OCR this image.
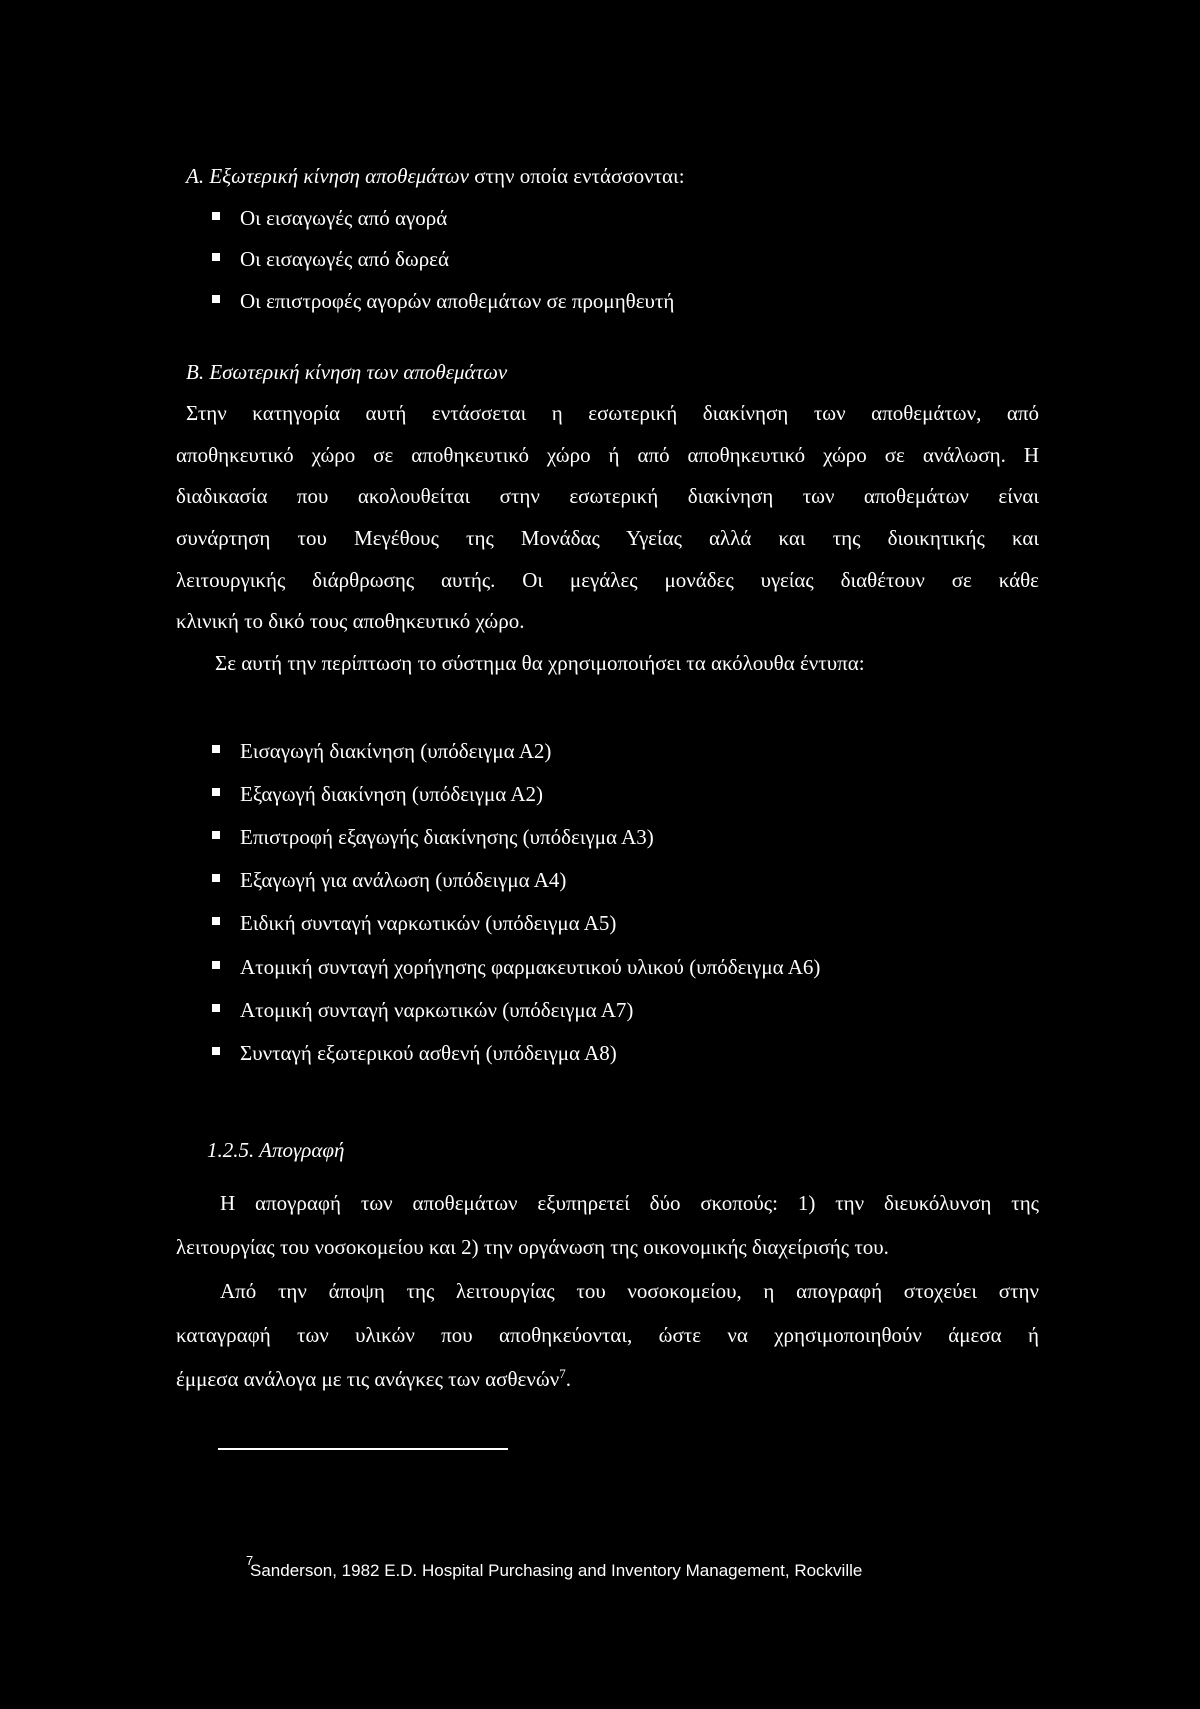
Α. Εξωτερική κίνηση αποθεμάτων στην οποία εντάσσονται:
Οι εισαγωγές από αγορά
Οι εισαγωγές από δωρεά
Οι επιστροφές αγορών αποθεμάτων σε προμηθευτή
Β. Εσωτερική κίνηση των αποθεμάτων
Στην κατηγορία αυτή εντάσσεται η εσωτερική διακίνηση των αποθεμάτων, από
αποθηκευτικό χώρο σε αποθηκευτικό χώρο ή από αποθηκευτικό χώρο σε ανάλωση. Η
διαδικασία που ακολουθείται στην εσωτερική διακίνηση των αποθεμάτων είναι
συνάρτηση του Μεγέθους της Μονάδας Υγείας αλλά και της διοικητικής και
λειτουργικής διάρθρωσης αυτής. Οι μεγάλες μονάδες υγείας διαθέτουν σε κάθε
κλινική το δικό τους αποθηκευτικό χώρο.
Σε αυτή την περίπτωση το σύστημα θα χρησιμοποιήσει τα ακόλουθα έντυπα:
Εισαγωγή διακίνηση (υπόδειγμα Α2)
Εξαγωγή διακίνηση (υπόδειγμα Α2)
Επιστροφή εξαγωγής διακίνησης (υπόδειγμα Α3)
Εξαγωγή για ανάλωση (υπόδειγμα Α4)
Ειδική συνταγή ναρκωτικών (υπόδειγμα Α5)
Ατομική συνταγή χορήγησης φαρμακευτικού υλικού (υπόδειγμα Α6)
Ατομική συνταγή ναρκωτικών (υπόδειγμα Α7)
Συνταγή εξωτερικού ασθενή (υπόδειγμα Α8)
1.2.5. Απογραφή
Η απογραφή των αποθεμάτων εξυπηρετεί δύο σκοπούς: 1) την διευκόλυνση της
λειτουργίας του νοσοκομείου και 2) την οργάνωση της οικονομικής διαχείρισής του.
Από την άποψη της λειτουργίας του νοσοκομείου, η απογραφή στοχεύει στην
καταγραφή των υλικών που αποθηκεύονται, ώστε να χρησιμοποιηθούν άμεσα ή
έμμεσα ανάλογα με τις ανάγκες των ασθενών$^7$.
7
Sanderson, 1982 E.D. Hospital Purchasing and Inventory Management, Rockville
